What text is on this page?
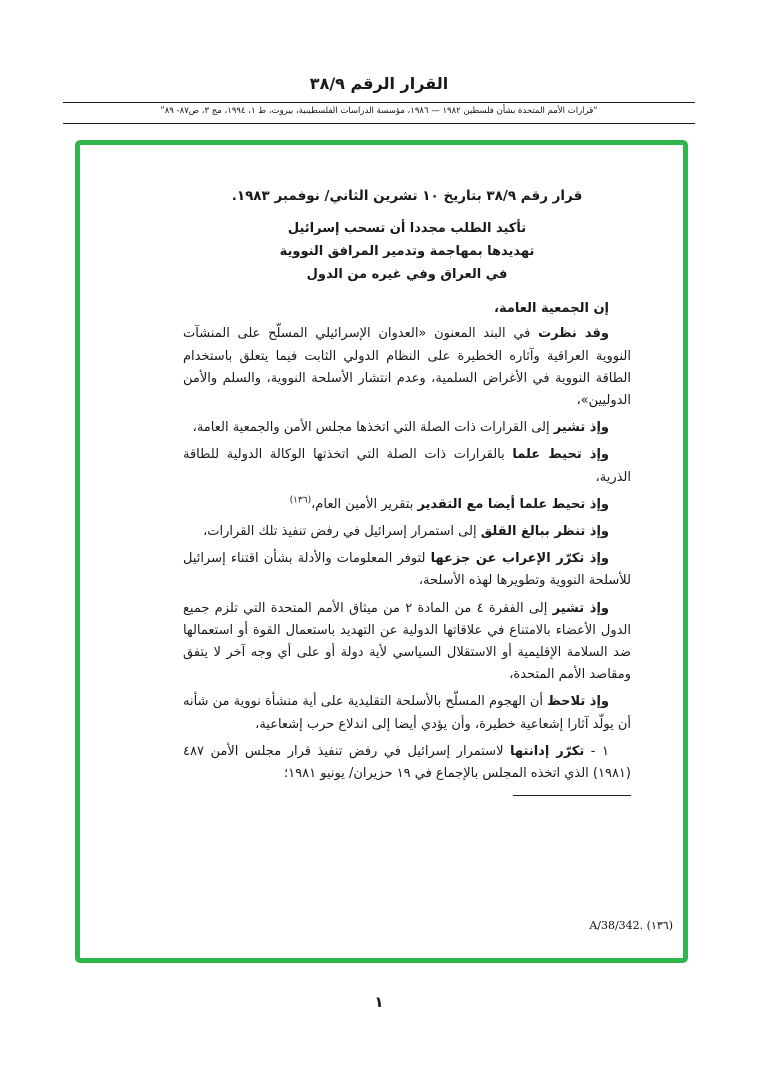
القرار الرقم ٣٨/٩
“قرارات الأمم المتحدة بشأن فلسطين ١٩٨٢ — ١٩٨٦، مؤسسة الدراسات الفلسطينية، بيروت، ط ١، ١٩٩٤، مج ٣، ص٨٧- ٨٩”

قرار رقم ٣٨/٩ بتاريخ ١٠ تشرين الثاني/ نوفمبر ١٩٨٣.

تأكيد الطلب مجددا أن تسحب إسرائيل

تهديدها بمهاجمة وتدمير المرافق النووية

في العراق وفي غيره من الدول

إن الجمعية العامة،

وقد نظرت في البند المعنون «العدوان الإسرائيلي المسلّح على المنشآت النووية العراقية وآثاره الخطيرة على النظام الدولي الثابت فيما يتعلق باستخدام الطاقة النووية في الأغراض السلمية، وعدم انتشار الأسلحة النووية، والسلم والأمن الدوليين»،

وإذ تشير إلى القرارات ذات الصلة التي اتخذها مجلس الأمن والجمعية العامة،

وإذ تحيط علما بالقرارات ذات الصلة التي اتخذتها الوكالة الدولية للطاقة الذرية،

وإذ تحيط علما أيضا مع التقدير بتقرير الأمين العام،$^{(١٣٦)}$

وإذ تنظر ببالغ القلق إلى استمرار إسرائيل في رفض تنفيذ تلك القرارات،

وإذ تكرّر الإعراب عن جزعها لتوفر المعلومات والأدلة بشأن اقتناء إسرائيل للأسلحة النووية وتطويرها لهذه الأسلحة،

وإذ تشير إلى الفقرة ٤ من المادة ٢ من ميثاق الأمم المتحدة التي تلزم جميع الدول الأعضاء بالامتناع في علاقاتها الدولية عن التهديد باستعمال القوة أو استعمالها ضد السلامة الإقليمية أو الاستقلال السياسي لأية دولة أو على أي وجه آخر لا يتفق ومقاصد الأمم المتحدة،

وإذ تلاحظ أن الهجوم المسلّح بالأسلحة التقليدية على أية منشأة نووية من شأنه أن يولّد آثارا إشعاعية خطيرة، وأن يؤدي أيضا إلى اندلاع حرب إشعاعية،

١ - تكرّر إدانتها لاستمرار إسرائيل في رفض تنفيذ قرار مجلس الأمن ٤٨٧ (١٩٨١) الذي اتخذه المجلس بالإجماع في ١٩ حزيران/ يونيو ١٩٨١؛

A/38/342. (١٣٦)
١
